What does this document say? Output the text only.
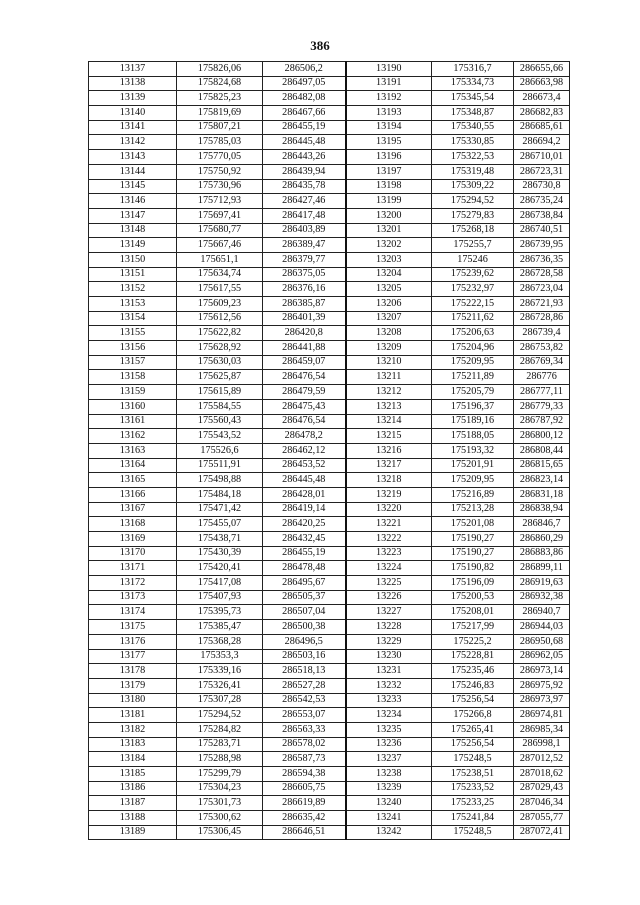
386
13137	175826,06	286506,2	13190	175316,7	286655,66
13138	175824,68	286497,05	13191	175334,73	286663,98
13139	175825,23	286482,08	13192	175345,54	286673,4
13140	175819,69	286467,66	13193	175348,87	286682,83
13141	175807,21	286455,19	13194	175340,55	286685,61
13142	175785,03	286445,48	13195	175330,85	286694,2
13143	175770,05	286443,26	13196	175322,53	286710,01
13144	175750,92	286439,94	13197	175319,48	286723,31
13145	175730,96	286435,78	13198	175309,22	286730,8
13146	175712,93	286427,46	13199	175294,52	286735,24
13147	175697,41	286417,48	13200	175279,83	286738,84
13148	175680,77	286403,89	13201	175268,18	286740,51
13149	175667,46	286389,47	13202	175255,7	286739,95
13150	175651,1	286379,77	13203	175246	286736,35
13151	175634,74	286375,05	13204	175239,62	286728,58
13152	175617,55	286376,16	13205	175232,97	286723,04
13153	175609,23	286385,87	13206	175222,15	286721,93
13154	175612,56	286401,39	13207	175211,62	286728,86
13155	175622,82	286420,8	13208	175206,63	286739,4
13156	175628,92	286441,88	13209	175204,96	286753,82
13157	175630,03	286459,07	13210	175209,95	286769,34
13158	175625,87	286476,54	13211	175211,89	286776
13159	175615,89	286479,59	13212	175205,79	286777,11
13160	175584,55	286475,43	13213	175196,37	286779,33
13161	175560,43	286476,54	13214	175189,16	286787,92
13162	175543,52	286478,2	13215	175188,05	286800,12
13163	175526,6	286462,12	13216	175193,32	286808,44
13164	175511,91	286453,52	13217	175201,91	286815,65
13165	175498,88	286445,48	13218	175209,95	286823,14
13166	175484,18	286428,01	13219	175216,89	286831,18
13167	175471,42	286419,14	13220	175213,28	286838,94
13168	175455,07	286420,25	13221	175201,08	286846,7
13169	175438,71	286432,45	13222	175190,27	286860,29
13170	175430,39	286455,19	13223	175190,27	286883,86
13171	175420,41	286478,48	13224	175190,82	286899,11
13172	175417,08	286495,67	13225	175196,09	286919,63
13173	175407,93	286505,37	13226	175200,53	286932,38
13174	175395,73	286507,04	13227	175208,01	286940,7
13175	175385,47	286500,38	13228	175217,99	286944,03
13176	175368,28	286496,5	13229	175225,2	286950,68
13177	175353,3	286503,16	13230	175228,81	286962,05
13178	175339,16	286518,13	13231	175235,46	286973,14
13179	175326,41	286527,28	13232	175246,83	286975,92
13180	175307,28	286542,53	13233	175256,54	286973,97
13181	175294,52	286553,07	13234	175266,8	286974,81
13182	175284,82	286563,33	13235	175265,41	286985,34
13183	175283,71	286578,02	13236	175256,54	286998,1
13184	175288,98	286587,73	13237	175248,5	287012,52
13185	175299,79	286594,38	13238	175238,51	287018,62
13186	175304,23	286605,75	13239	175233,52	287029,43
13187	175301,73	286619,89	13240	175233,25	287046,34
13188	175300,62	286635,42	13241	175241,84	287055,77
13189	175306,45	286646,51	13242	175248,5	287072,41
